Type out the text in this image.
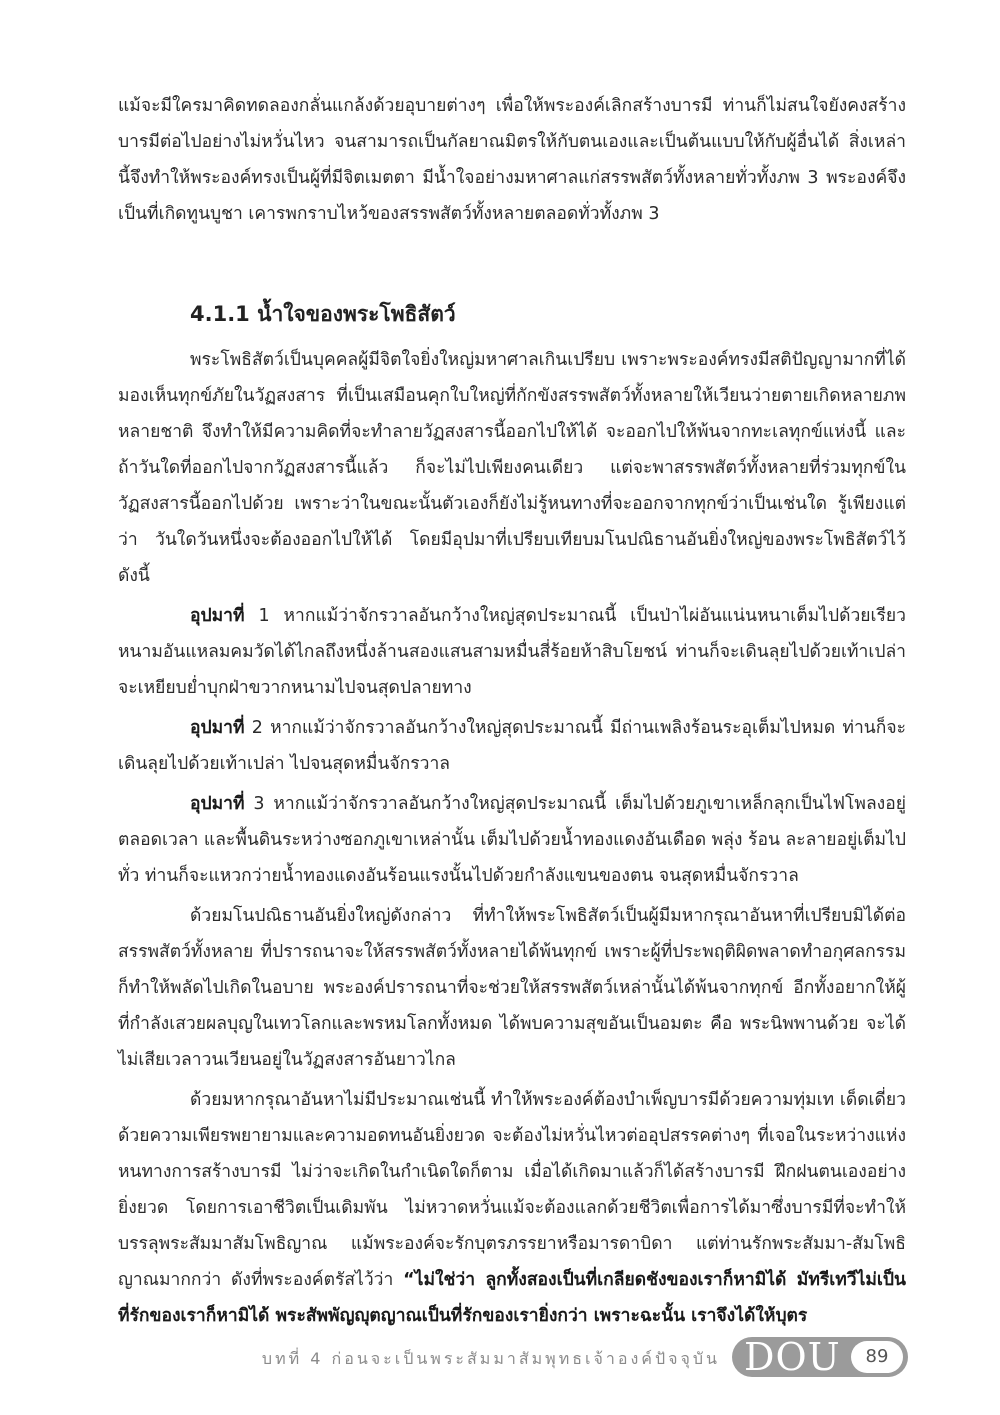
แม้จะมีใครมาคิดทดลองกลั่นแกล้งด้วยอุบายต่างๆ เพื่อให้พระองค์เลิกสร้างบารมี ท่านก็ไม่สนใจยังคงสร้างบารมีต่อไปอย่างไม่หวั่นไหว จนสามารถเป็นกัลยาณมิตรให้กับตนเองและเป็นต้นแบบให้กับผู้อื่นได้ สิ่งเหล่านี้จึงทำให้พระองค์ทรงเป็นผู้ที่มีจิตเมตตา มีน้ำใจอย่างมหาศาลแก่สรรพสัตว์ทั้งหลายทั่วทั้งภพ 3 พระองค์จึงเป็นที่เกิดทูนบูชา เคารพกราบไหว้ของสรรพสัตว์ทั้งหลายตลอดทั่วทั้งภพ 3

4.1.1 น้ำใจของพระโพธิสัตว์

พระโพธิสัตว์เป็นบุคคลผู้มีจิตใจยิ่งใหญ่มหาศาลเกินเปรียบ เพราะพระองค์ทรงมีสติปัญญามากที่ได้มองเห็นทุกข์ภัยในวัฏสงสาร ที่เป็นเสมือนคุกใบใหญ่ที่กักขังสรรพสัตว์ทั้งหลายให้เวียนว่ายตายเกิดหลายภพหลายชาติ จึงทำให้มีความคิดที่จะทำลายวัฏสงสารนี้ออกไปให้ได้ จะออกไปให้พ้นจากทะเลทุกข์แห่งนี้ และถ้าวันใดที่ออกไปจากวัฏสงสารนี้แล้ว ก็จะไม่ไปเพียงคนเดียว แต่จะพาสรรพสัตว์ทั้งหลายที่ร่วมทุกข์ในวัฏสงสารนี้ออกไปด้วย เพราะว่าในขณะนั้นตัวเองก็ยังไม่รู้หนทางที่จะออกจากทุกข์ว่าเป็นเช่นใด รู้เพียงแต่ว่า วันใดวันหนึ่งจะต้องออกไปให้ได้ โดยมีอุปมาที่เปรียบเทียบมโนปณิธานอันยิ่งใหญ่ของพระโพธิสัตว์ไว้ดังนี้

อุปมาที่ 1 หากแม้ว่าจักรวาลอันกว้างใหญ่สุดประมาณนี้ เป็นป่าไผ่อันแน่นหนาเต็มไปด้วยเรียวหนามอันแหลมคมวัดได้ไกลถึงหนึ่งล้านสองแสนสามหมื่นสี่ร้อยห้าสิบโยชน์ ท่านก็จะเดินลุยไปด้วยเท้าเปล่าจะเหยียบย่ำบุกฝ่าขวากหนามไปจนสุดปลายทาง

อุปมาที่ 2 หากแม้ว่าจักรวาลอันกว้างใหญ่สุดประมาณนี้ มีถ่านเพลิงร้อนระอุเต็มไปหมด ท่านก็จะเดินลุยไปด้วยเท้าเปล่า ไปจนสุดหมื่นจักรวาล

อุปมาที่ 3 หากแม้ว่าจักรวาลอันกว้างใหญ่สุดประมาณนี้ เต็มไปด้วยภูเขาเหล็กลุกเป็นไฟโพลงอยู่ตลอดเวลา และพื้นดินระหว่างซอกภูเขาเหล่านั้น เต็มไปด้วยน้ำทองแดงอันเดือด พลุ่ง ร้อน ละลายอยู่เต็มไปทั่ว ท่านก็จะแหวกว่ายน้ำทองแดงอันร้อนแรงนั้นไปด้วยกำลังแขนของตน จนสุดหมื่นจักรวาล

ด้วยมโนปณิธานอันยิ่งใหญ่ดังกล่าว ที่ทำให้พระโพธิสัตว์เป็นผู้มีมหากรุณาอันหาที่เปรียบมิได้ต่อสรรพสัตว์ทั้งหลาย ที่ปรารถนาจะให้สรรพสัตว์ทั้งหลายได้พ้นทุกข์ เพราะผู้ที่ประพฤติผิดพลาดทำอกุศลกรรมก็ทำให้พลัดไปเกิดในอบาย พระองค์ปรารถนาที่จะช่วยให้สรรพสัตว์เหล่านั้นได้พ้นจากทุกข์ อีกทั้งอยากให้ผู้ที่กำลังเสวยผลบุญในเทวโลกและพรหมโลกทั้งหมด ได้พบความสุขอันเป็นอมตะ คือ พระนิพพานด้วย จะได้ไม่เสียเวลาวนเวียนอยู่ในวัฏสงสารอันยาวไกล

ด้วยมหากรุณาอันหาไม่มีประมาณเช่นนี้ ทำให้พระองค์ต้องบำเพ็ญบารมีด้วยความทุ่มเท เด็ดเดี่ยวด้วยความเพียรพยายามและความอดทนอันยิ่งยวด จะต้องไม่หวั่นไหวต่ออุปสรรคต่างๆ ที่เจอในระหว่างแห่งหนทางการสร้างบารมี ไม่ว่าจะเกิดในกำเนิดใดก็ตาม เมื่อได้เกิดมาแล้วก็ได้สร้างบารมี ฝึกฝนตนเองอย่างยิ่งยวด โดยการเอาชีวิตเป็นเดิมพัน ไม่หวาดหวั่นแม้จะต้องแลกด้วยชีวิตเพื่อการได้มาซึ่งบารมีที่จะทำให้บรรลุพระสัมมาสัมโพธิญาณ แม้พระองค์จะรักบุตรภรรยาหรือมารดาบิดา แต่ท่านรักพระสัมมา-สัมโพธิญาณมากกว่า ดังที่พระองค์ตรัสไว้ว่า “ไม่ใช่ว่า ลูกทั้งสองเป็นที่เกลียดชังของเราก็หามิได้ มัทรีเทวีไม่เป็นที่รักของเราก็หามิได้ พระสัพพัญญุตญาณเป็นที่รักของเรายิ่งกว่า เพราะฉะนั้น เราจึงได้ให้บุตร

บทที่ 4 ก่อนจะเป็นพระสัมมาสัมพุทธเจ้าองค์ปัจจุบัน DOU	89
